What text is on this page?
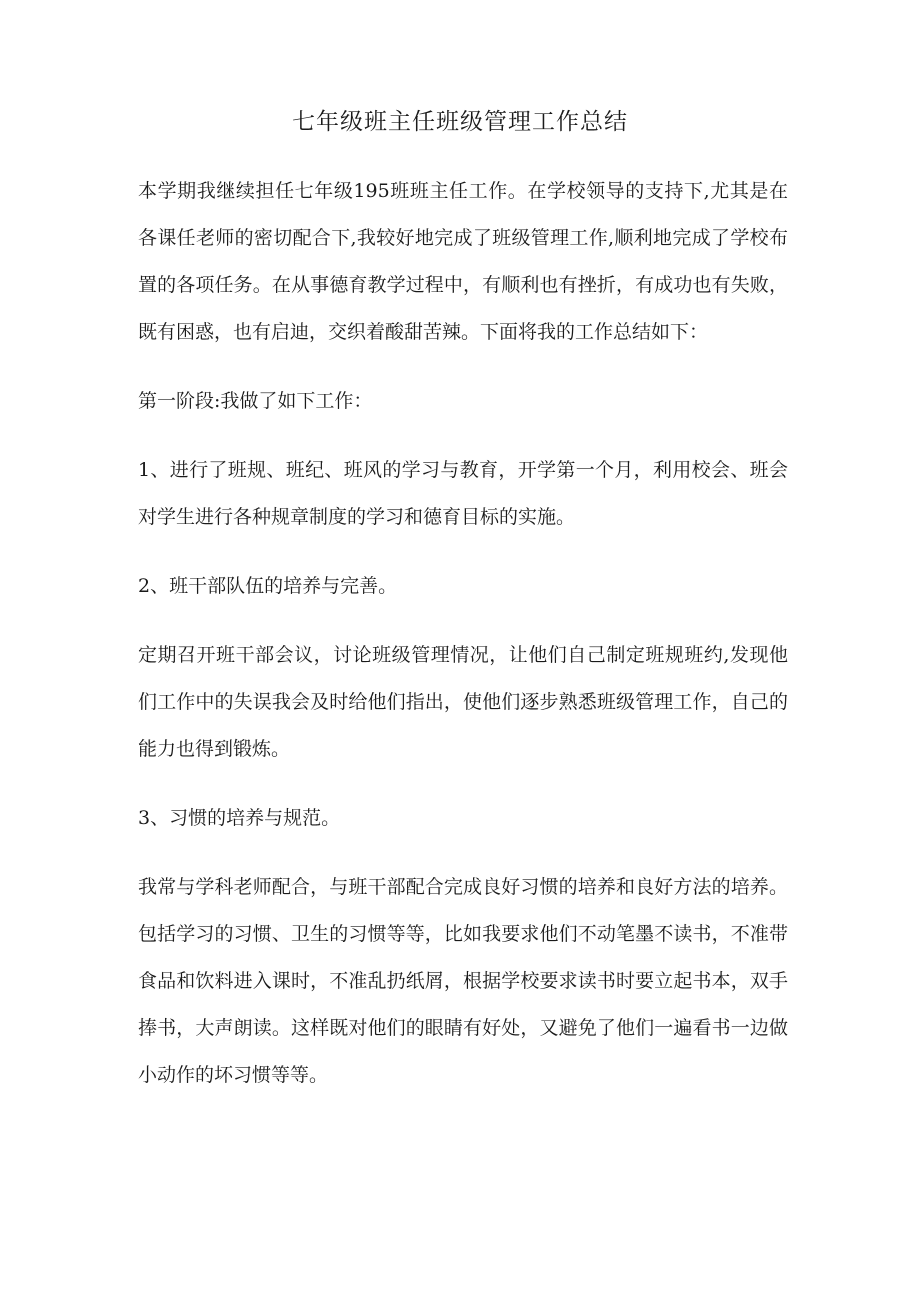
七年级班主任班级管理工作总结

本学期我继续担任七年级195班班主任工作。在学校领导的支持下,尤其是在各课任老师的密切配合下,我较好地完成了班级管理工作,顺利地完成了学校布置的各项任务。在从事德育教学过程中，有顺利也有挫折，有成功也有失败，既有困惑，也有启迪，交织着酸甜苦辣。下面将我的工作总结如下：

第一阶段:我做了如下工作：

1、进行了班规、班纪、班风的学习与教育，开学第一个月，利用校会、班会对学生进行各种规章制度的学习和德育目标的实施。

2、班干部队伍的培养与完善。

定期召开班干部会议，讨论班级管理情况，让他们自己制定班规班约,发现他们工作中的失误我会及时给他们指出，使他们逐步熟悉班级管理工作，自己的能力也得到锻炼。

3、习惯的培养与规范。

我常与学科老师配合，与班干部配合完成良好习惯的培养和良好方法的培养。包括学习的习惯、卫生的习惯等等，比如我要求他们不动笔墨不读书，不准带食品和饮料进入课时，不准乱扔纸屑，根据学校要求读书时要立起书本，双手捧书，大声朗读。这样既对他们的眼睛有好处，又避免了他们一遍看书一边做小动作的坏习惯等等。
